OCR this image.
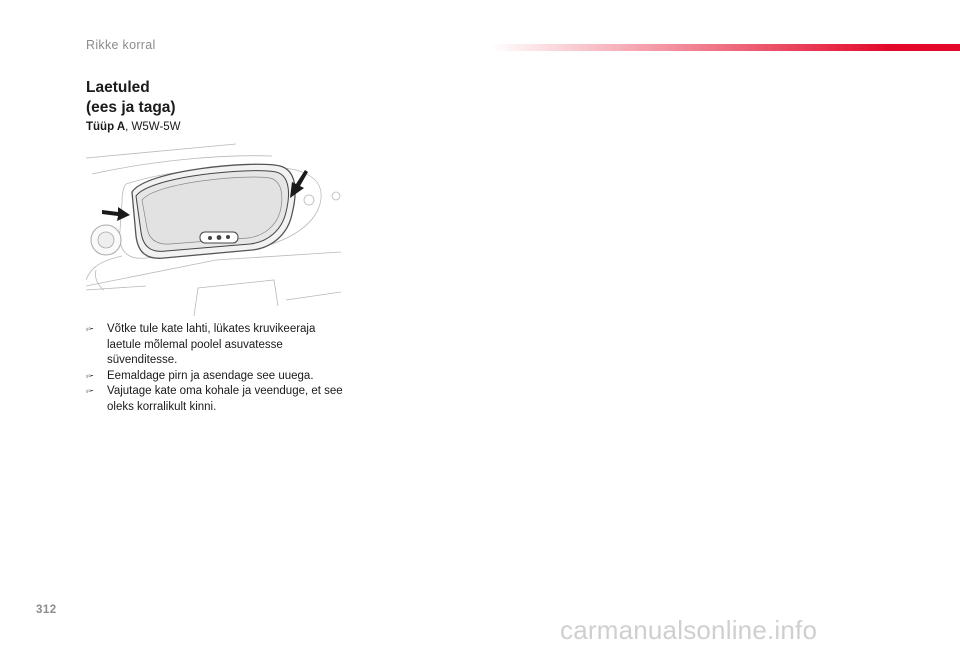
Rikke korral
Laetuled
(ees ja taga)
Tüüp A, W5W-5W
🖙 Võtke tule kate lahti, lükates kruvikeeraja laetule mõlemal poolel asuvatesse süvenditesse.
🖙 Eemaldage pirn ja asendage see uuega.
🖙 Vajutage kate oma kohale ja veenduge, et see oleks korralikult kinni.
312
carmanualsonline.info
